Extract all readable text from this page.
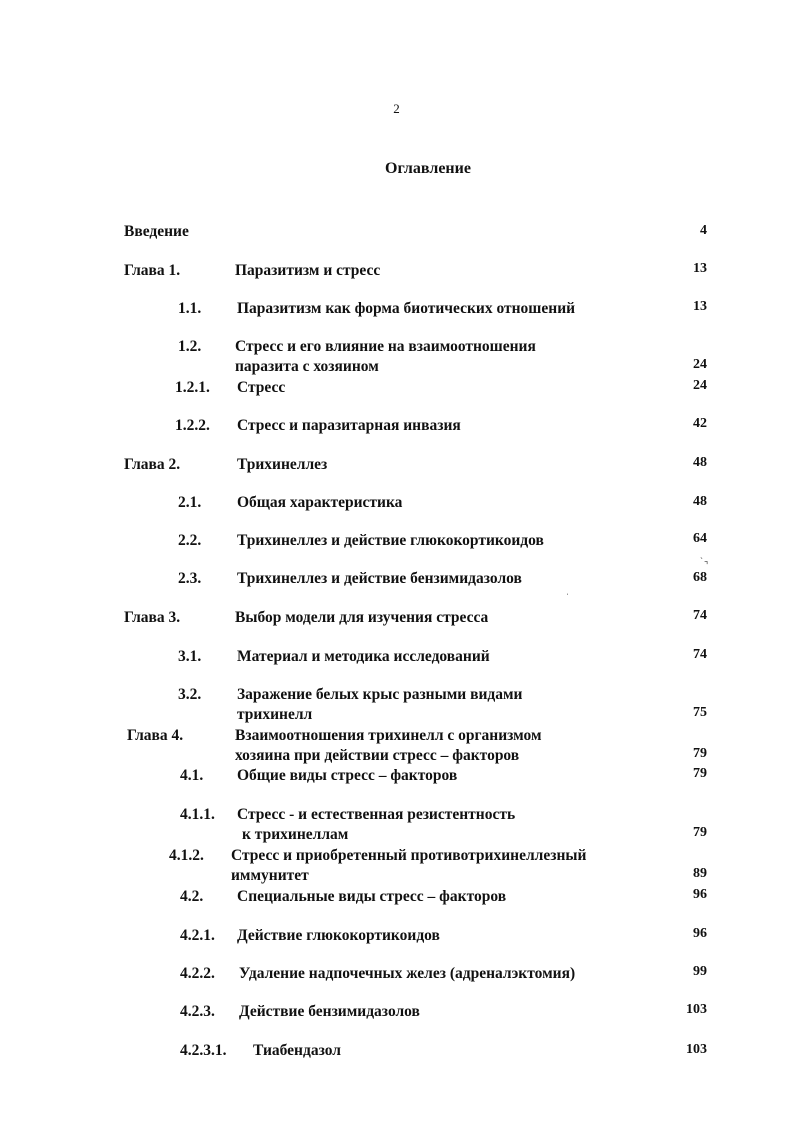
2
Оглавление
Введение	4
Глава 1.	Паразитизм и стресс	13
1.1. Паразитизм как форма биотических отношений	13
1.2. Стресс и его влияние на взаимоотношения
паразита с хозяином	24
1.2.1. Стресс	24
1.2.2. Стресс и паразитарная инвазия	42
Глава 2.	Трихинеллез	48
2.1. Общая характеристика	48
2.2. Трихинеллез и действие глюкокортикоидов	64
ˎ
2.3. Трихинеллез и действие бензимидазолов	68
⌝
ˌ
Глава 3.	Выбор модели для изучения стресса	74
3.1. Материал и методика исследований	74
3.2. Заражение белых крыс разными видами
трихинелл	75
Глава 4.	Взаимоотношения трихинелл с организмом
хозяина при действии стресс – факторов	79
4.1. Общие виды стресс – факторов	79
4.1.1. Стресс - и естественная резистентность
к трихинеллам	79
4.1.2. Стресс и приобретенный противотрихинеллезный
иммунитет	89
4.2. Специальные виды стресс – факторов	96
4.2.1. Действие глюкокортикоидов	96
4.2.2. Удаление надпочечных желез (адреналэктомия)	99
4.2.3. Действие бензимидазолов	103
4.2.3.1. Тиабендазол	103
